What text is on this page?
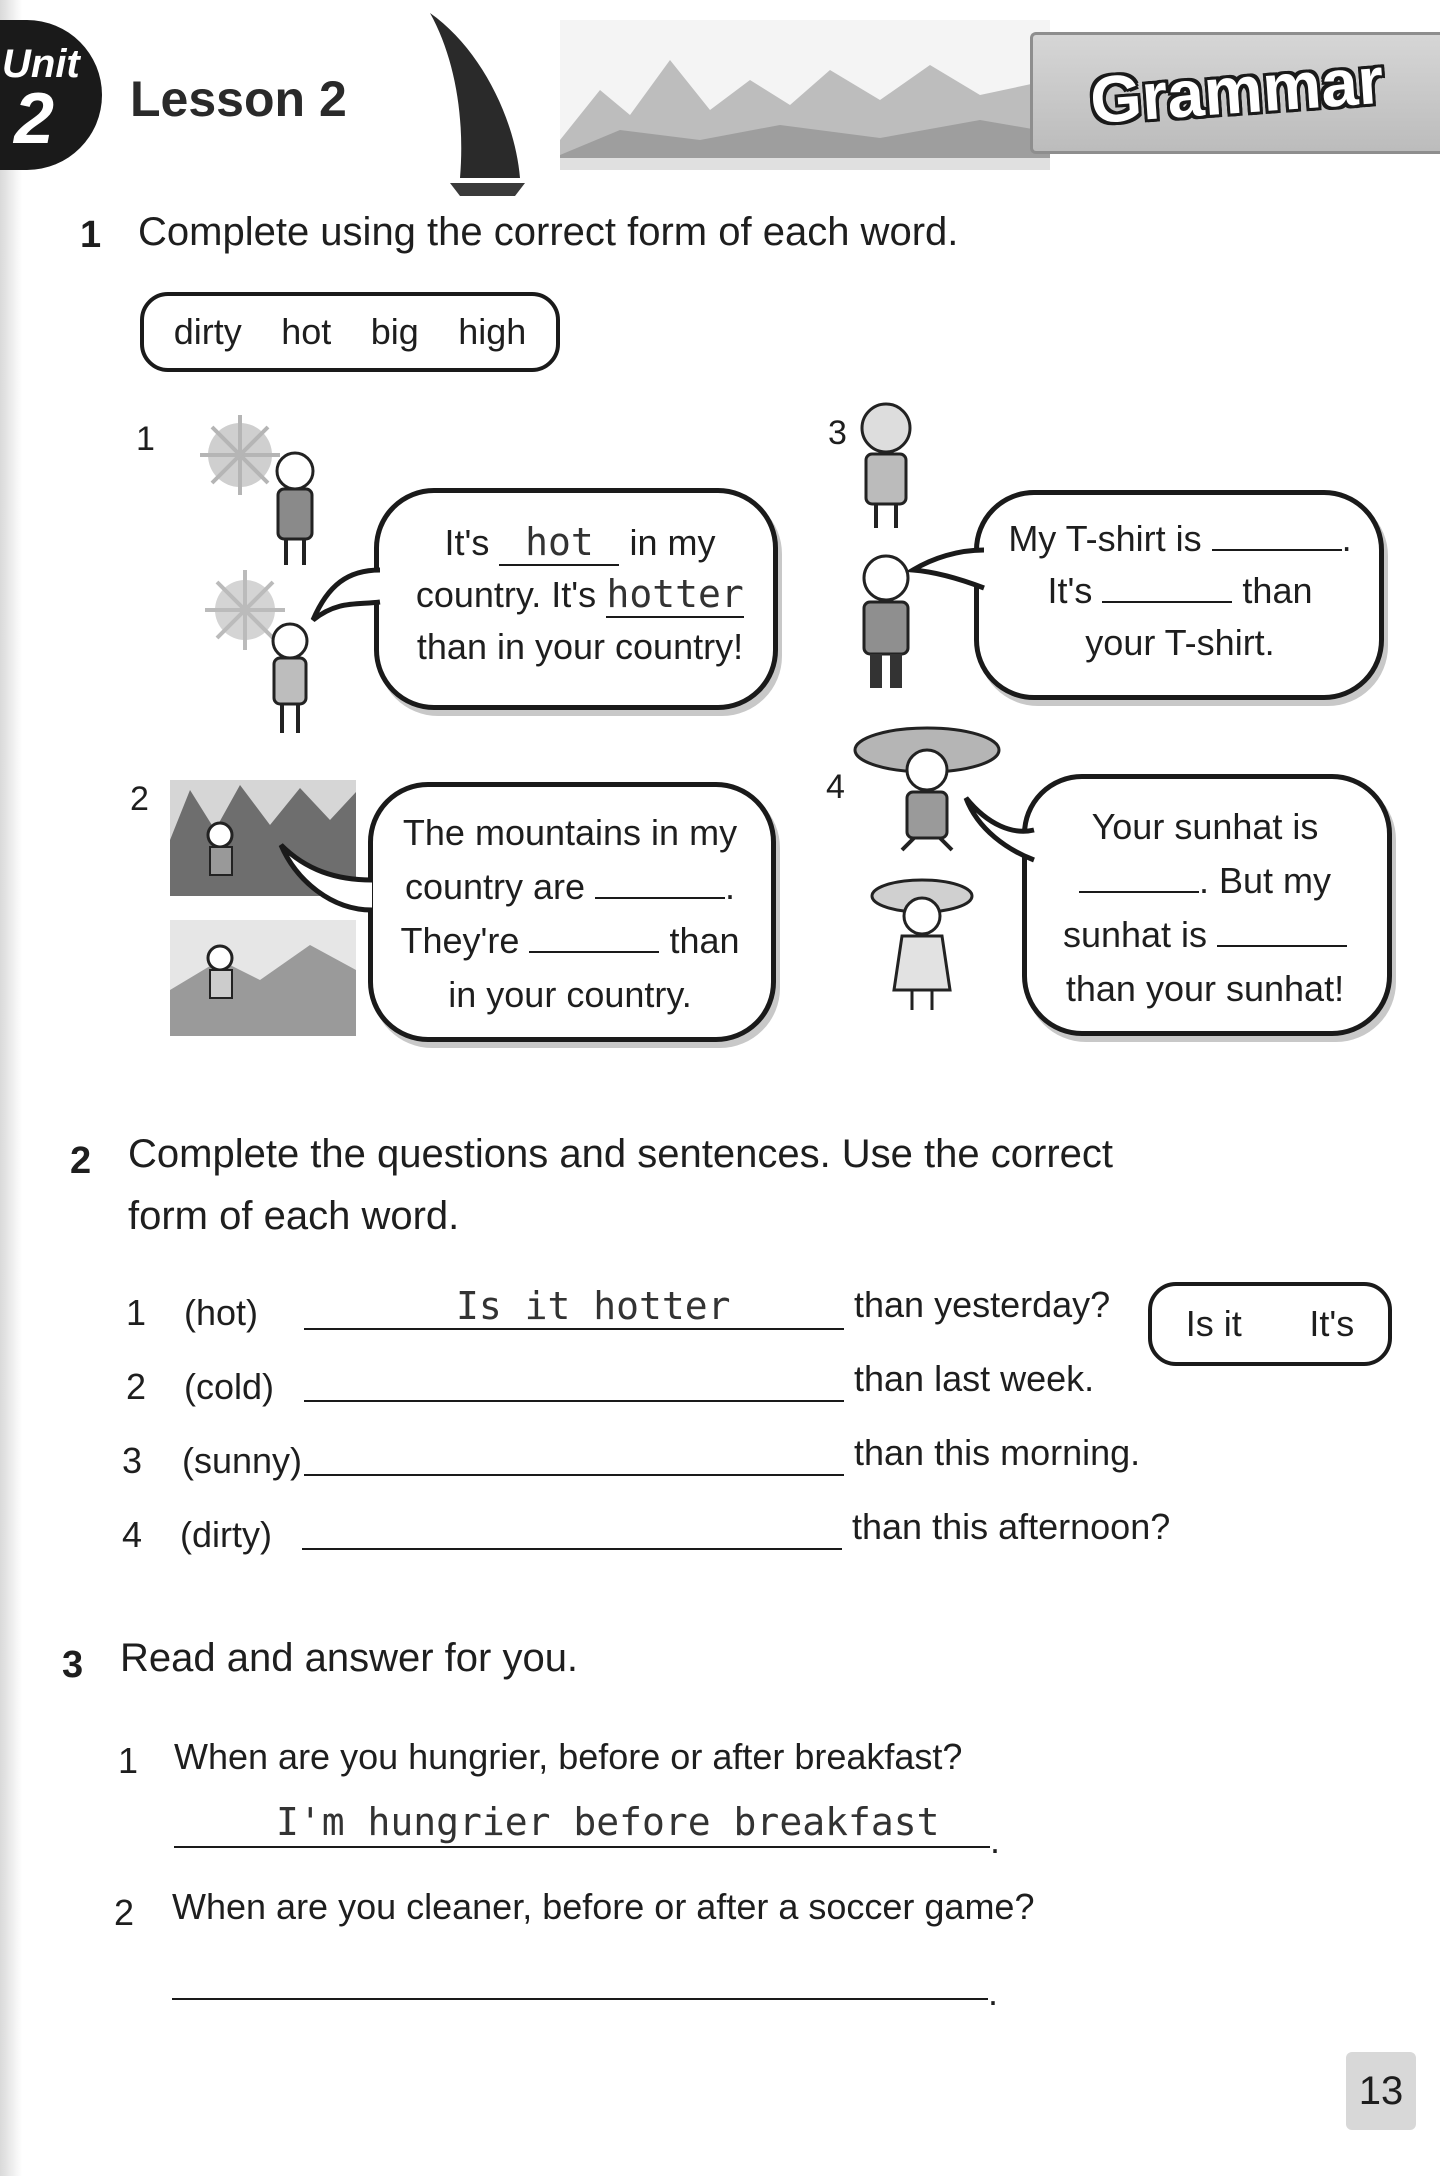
Unit
2 Lesson 2	Grammar
1 Complete using the correct form of each word.
dirty hot big high
1
It's hot in my
country. It's hotter
than in your country!
2
The mountains in my
country are	.
They're	than
in your country.
3
My T-shirt is	.
It's	than
your T-shirt.
4
Your sunhat is
. But my
sunhat is
than your sunhat!
2 Complete the questions and sentences. Use the correct
form of each word.
1 (hot)	Is it hotter	than yesterday?
2 (cold)	than last week.
3 (sunny)	than this morning.
4 (dirty)	than this afternoon?
Is it It's
3 Read and answer for you.
1 When are you hungrier, before or after breakfast?
I'm hungrier before breakfast .
2 When are you cleaner, before or after a soccer game?
.
13
